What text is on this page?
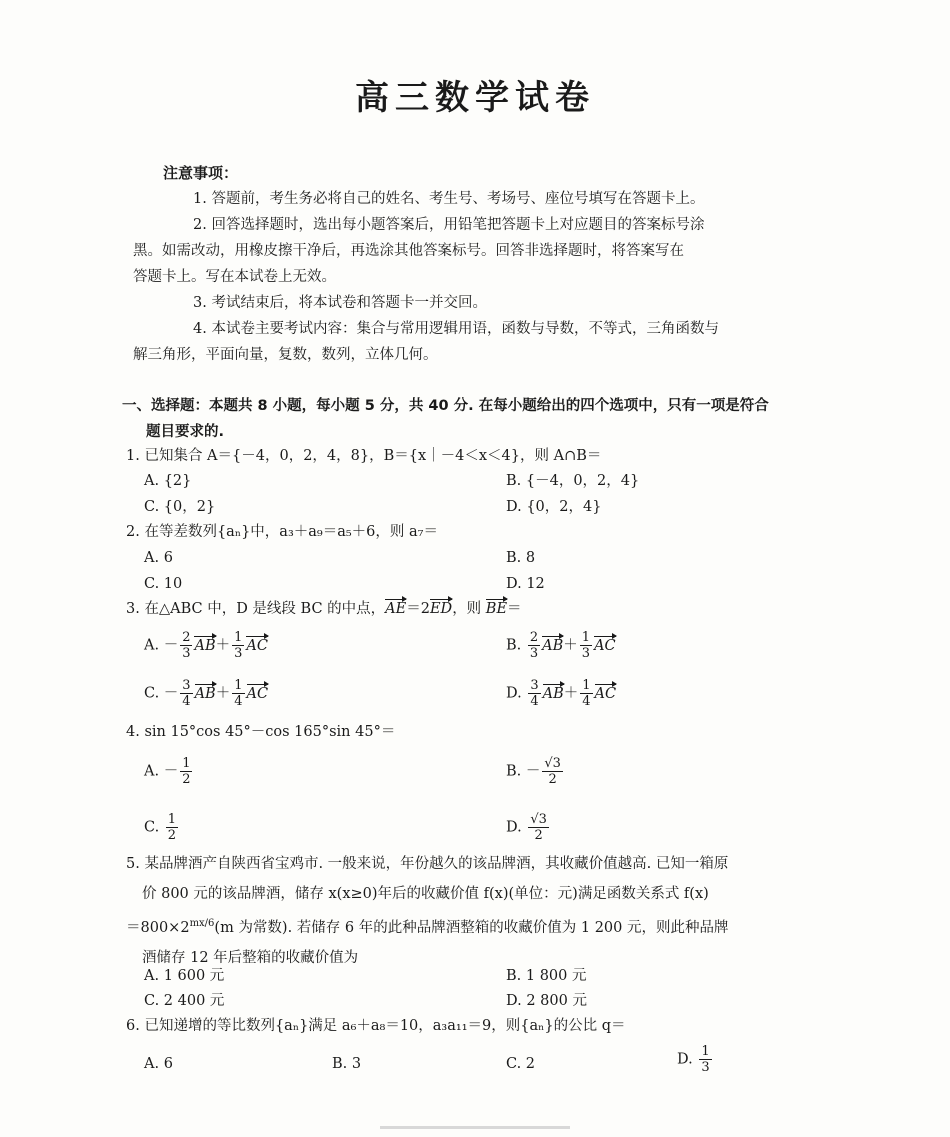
高三数学试卷
注意事项：

1. 答题前，考生务必将自己的姓名、考生号、考场号、座位号填写在答题卡上。

2. 回答选择题时，选出每小题答案后，用铅笔把答题卡上对应题目的答案标号涂

黑。如需改动，用橡皮擦干净后，再选涂其他答案标号。回答非选择题时，将答案写在

答题卡上。写在本试卷上无效。

3. 考试结束后，将本试卷和答题卡一并交回。

4. 本试卷主要考试内容：集合与常用逻辑用语，函数与导数，不等式，三角函数与

解三角形，平面向量，复数，数列，立体几何。

一、选择题：本题共 8 小题，每小题 5 分，共 40 分. 在每小题给出的四个选项中，只有一项是符合
题目要求的.
1. 已知集合 A＝{－4，0，2，4，8}，B＝{x｜－4＜x＜4}，则 A∩B＝
A. {2}	B. {－4，0，2，4}
C. {0，2}	D. {0，2，4}
2. 在等差数列{aₙ}中，a₃＋a₉＝a₅＋6，则 a₇＝
A. 6	B. 8
C. 10	D. 12
3. 在△ABC 中，D 是线段 BC 的中点，AE＝2ED，则 BE＝
A. － $\frac{2}{3} AB+ \frac{1}{3}$ AC	B. $\frac{2}{3} AB+ \frac{1}{3}$ AC
C. － $\frac{3}{4} AB+ \frac{1}{4}$ AC	D. $\frac{3}{4} AB+ \frac{1}{4}$ AC
4. sin 15°cos 45°－cos 165°sin 45°＝
A. － $\frac{1}{2}$	B. － $\frac{√3}{2}$
C. $\frac{1}{2}$	D. $\frac{√3}{2}$

5. 某品牌酒产自陕西省宝鸡市. 一般来说，年份越久的该品牌酒，其收藏价值越高. 已知一箱原

价 800 元的该品牌酒，储存 x(x≥0)年后的收藏价值 f(x)(单位：元)满足函数关系式 f(x)

$=800\times 2^{mx/6}(m$ 为常数). 若储存 6 年的此种品牌酒整箱的收藏价值为 1 200 元，则此种品牌

酒储存 12 年后整箱的收藏价值为

A. 1 600 元	B. 1 800 元
C. 2 400 元	D. 2 800 元
6. 已知递增的等比数列{aₙ}满足 a₆＋a₈＝10，a₃a₁₁＝9，则{aₙ}的公比 q＝
A. 6	B. 3	C. 2	D. $\frac{1}{3}$
